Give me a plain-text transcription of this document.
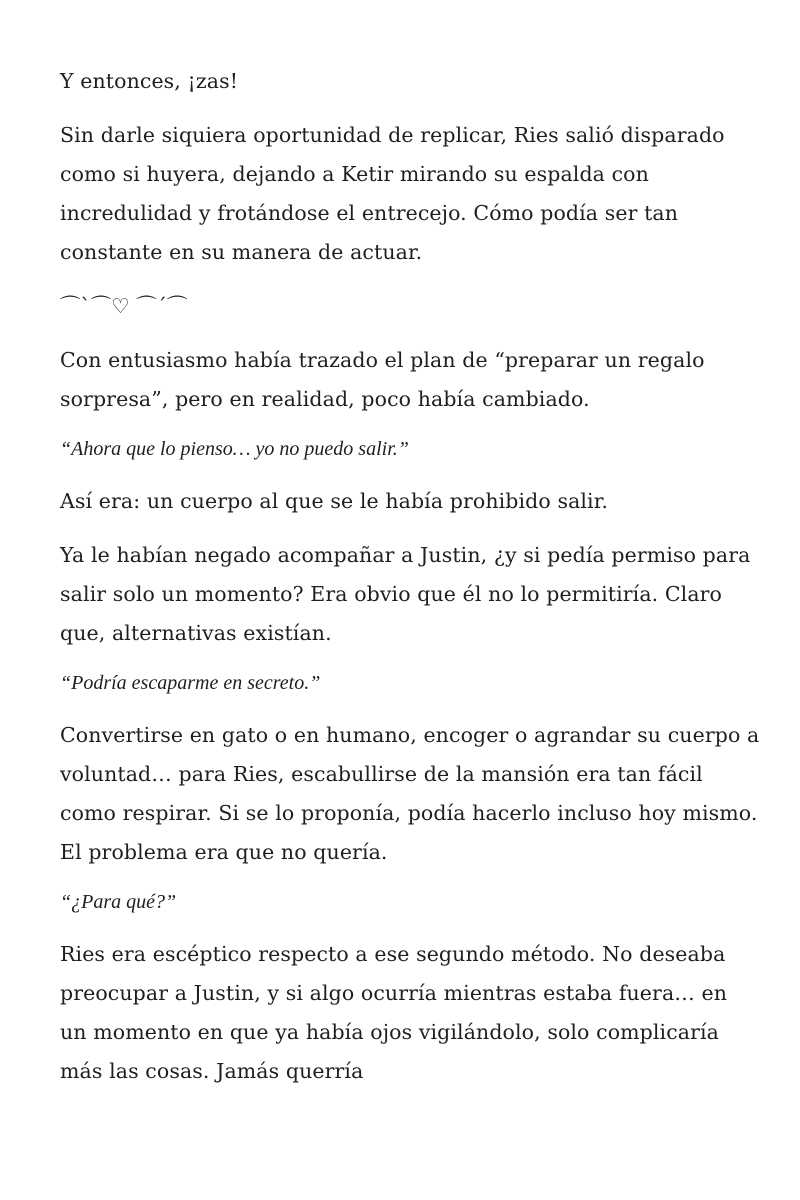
Y entonces, ¡zas!

Sin darle siquiera oportunidad de replicar, Ries salió disparado como si huyera, dejando a Ketir mirando su espalda con incredulidad y frotándose el entrecejo. Cómo podía ser tan constante en su manera de actuar.

⌒`⌒♡ ⌒´⌒

Con entusiasmo había trazado el plan de “preparar un regalo sorpresa”, pero en realidad, poco había cambiado.

“Ahora que lo pienso… yo no puedo salir.”

Así era: un cuerpo al que se le había prohibido salir.

Ya le habían negado acompañar a Justin, ¿y si pedía permiso para salir solo un momento? Era obvio que él no lo permitiría. Claro que, alternativas existían.

“Podría escaparme en secreto.”

Convertirse en gato o en humano, encoger o agrandar su cuerpo a voluntad… para Ries, escabullirse de la mansión era tan fácil como respirar. Si se lo proponía, podía hacerlo incluso hoy mismo. El problema era que no quería.

“¿Para qué?”

Ries era escéptico respecto a ese segundo método. No deseaba preocupar a Justin, y si algo ocurría mientras estaba fuera… en un momento en que ya había ojos vigilándolo, solo complicaría más las cosas. Jamás querría
